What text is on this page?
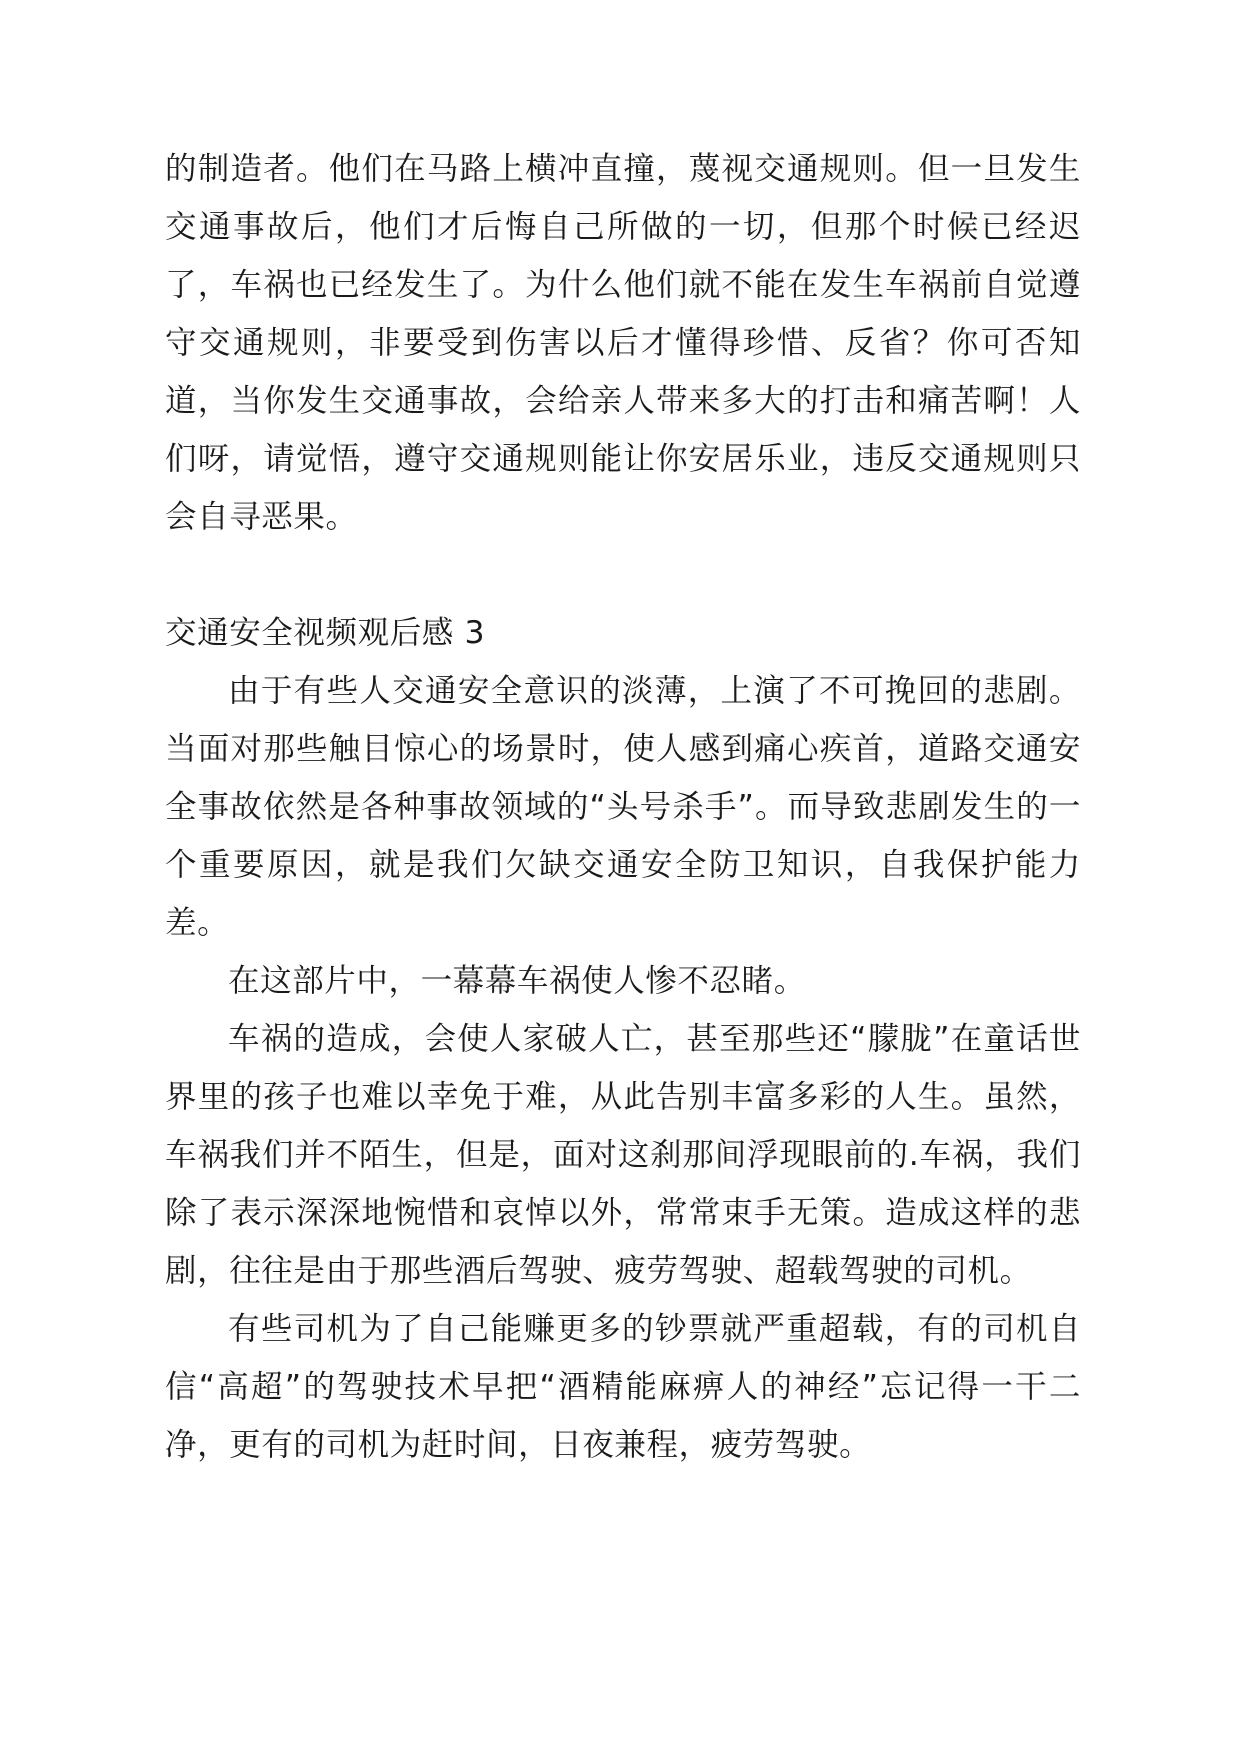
的制造者。他们在马路上横冲直撞，蔑视交通规则。但一旦发生交通事故后，他们才后悔自己所做的一切，但那个时候已经迟了，车祸也已经发生了。为什么他们就不能在发生车祸前自觉遵守交通规则，非要受到伤害以后才懂得珍惜、反省？你可否知道，当你发生交通事故，会给亲人带来多大的打击和痛苦啊！人们呀，请觉悟，遵守交通规则能让你安居乐业，违反交通规则只会自寻恶果。

交通安全视频观后感 3

由于有些人交通安全意识的淡薄，上演了不可挽回的悲剧。当面对那些触目惊心的场景时，使人感到痛心疾首，道路交通安全事故依然是各种事故领域的“头号杀手”。而导致悲剧发生的一个重要原因，就是我们欠缺交通安全防卫知识，自我保护能力差。

在这部片中，一幕幕车祸使人惨不忍睹。

车祸的造成，会使人家破人亡，甚至那些还“朦胧”在童话世界里的孩子也难以幸免于难，从此告别丰富多彩的人生。虽然，车祸我们并不陌生，但是，面对这刹那间浮现眼前的.车祸，我们除了表示深深地惋惜和哀悼以外，常常束手无策。造成这样的悲剧，往往是由于那些酒后驾驶、疲劳驾驶、超载驾驶的司机。

有些司机为了自己能赚更多的钞票就严重超载，有的司机自信“高超”的驾驶技术早把“酒精能麻痹人的神经”忘记得一干二净，更有的司机为赶时间，日夜兼程，疲劳驾驶。
